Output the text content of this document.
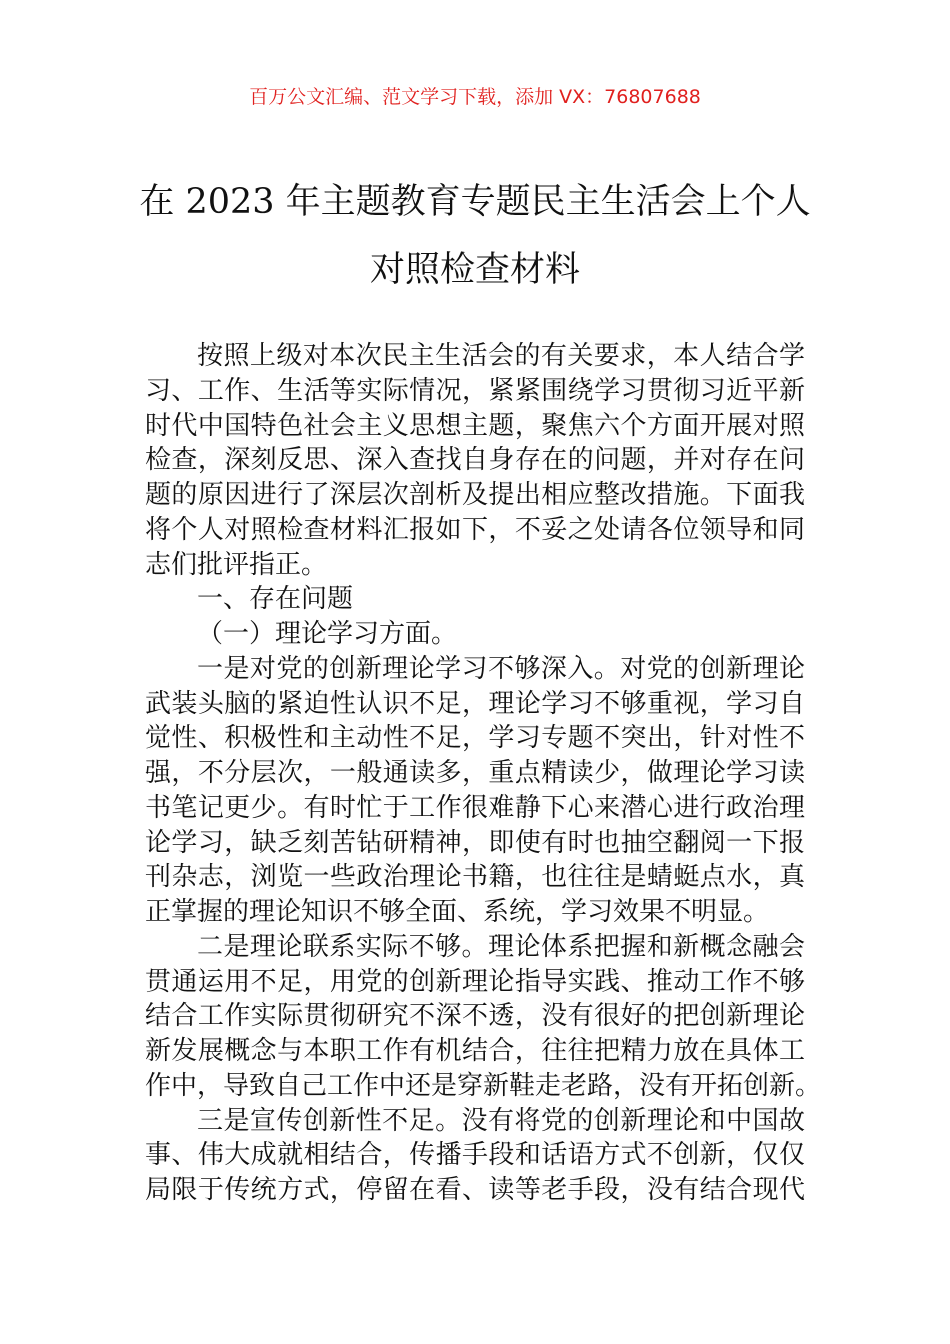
百万公文汇编、范文学习下载，添加 VX：76807688
在 2023 年主题教育专题民主生活会上个人
对照检查材料
按照上级对本次民主生活会的有关要求，本人结合学
习、工作、生活等实际情况，紧紧围绕学习贯彻习近平新
时代中国特色社会主义思想主题，聚焦六个方面开展对照
检查，深刻反思、深入查找自身存在的问题，并对存在问
题的原因进行了深层次剖析及提出相应整改措施。下面我
将个人对照检查材料汇报如下，不妥之处请各位领导和同
志们批评指正。
一、存在问题
（一）理论学习方面。
一是对党的创新理论学习不够深入。对党的创新理论
武装头脑的紧迫性认识不足，理论学习不够重视，学习自
觉性、积极性和主动性不足，学习专题不突出，针对性不
强，不分层次，一般通读多，重点精读少，做理论学习读
书笔记更少。有时忙于工作很难静下心来潜心进行政治理
论学习，缺乏刻苦钻研精神，即使有时也抽空翻阅一下报
刊杂志，浏览一些政治理论书籍，也往往是蜻蜓点水，真
正掌握的理论知识不够全面、系统，学习效果不明显。
二是理论联系实际不够。理论体系把握和新概念融会
贯通运用不足，用党的创新理论指导实践、推动工作不够
结合工作实际贯彻研究不深不透，没有很好的把创新理论
新发展概念与本职工作有机结合，往往把精力放在具体工
作中，导致自己工作中还是穿新鞋走老路，没有开拓创新。
三是宣传创新性不足。没有将党的创新理论和中国故
事、伟大成就相结合，传播手段和话语方式不创新，仅仅
局限于传统方式，停留在看、读等老手段，没有结合现代
